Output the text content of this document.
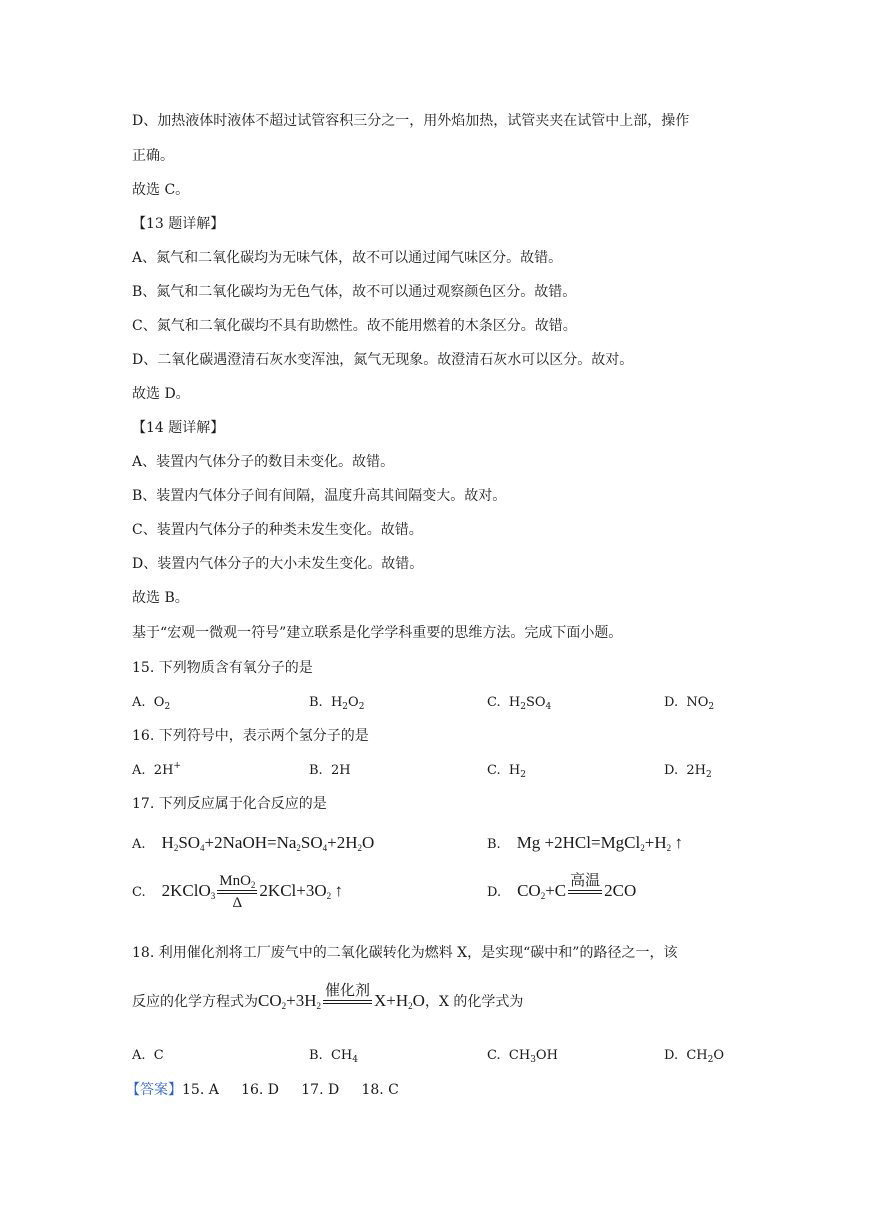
D、加热液体时液体不超过试管容积三分之一，用外焰加热，试管夹夹在试管中上部，操作
正确。
故选 C。
【13 题详解】
A、氮气和二氧化碳均为无味气体，故不可以通过闻气味区分。故错。
B、氮气和二氧化碳均为无色气体，故不可以通过观察颜色区分。故错。
C、氮气和二氧化碳均不具有助燃性。故不能用燃着的木条区分。故错。
D、二氧化碳遇澄清石灰水变浑浊，氮气无现象。故澄清石灰水可以区分。故对。
故选 D。
【14 题详解】
A、装置内气体分子的数目未变化。故错。
B、装置内气体分子间有间隔，温度升高其间隔变大。故对。
C、装置内气体分子的种类未发生变化。故错。
D、装置内气体分子的大小未发生变化。故错。
故选 B。
基于“宏观一微观一符号”建立联系是化学学科重要的思维方法。完成下面小题。
15. 下列物质含有氧分子的是
A.  $O_2$	B.  $H_2O_2$	C.  $H_2SO_4$	D.  $NO_2$
16. 下列符号中，表示两个氢分子的是
A.  2H+	B.  2H	C.  $H_2$	D.  $2H_2$
17. 下列反应属于化合反应的是
A. $H_2SO_4+2NaOH=Na_2SO_4+2H_2O$	B. $Mg +2HCl=MgCl_2+H_2$ ↑
C. 2KClO$_3$
MnO$_2$
Δ
$2KCl+3O_2$ ↑	D. $CO_2+C$ 高温 2CO
18. 利用催化剂将工厂废气中的二氧化碳转化为燃料 X，是实现“碳中和”的路径之一，该
反应的化学方程式为$CO_2+3H_2$
催化剂 $X+H_2O$，X 的化学式为
A.  C	B.  $CH_4$	C.  $CH_3OH$	D.  $CH_2O$
【答案】15. A     16. D     17. D     18. C
